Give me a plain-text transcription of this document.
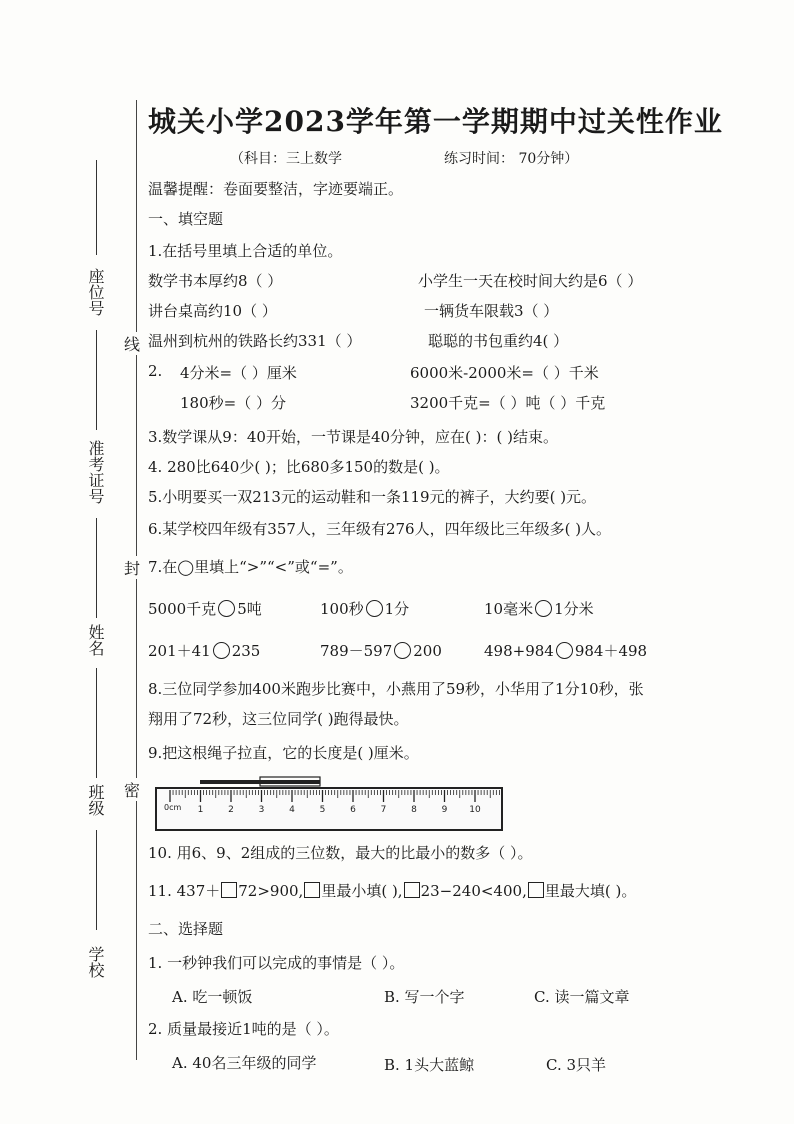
座位号
准考证号
姓名
班级
学校
线
封
密
城关小学2023学年第一学期期中过关性作业
（科目：三上数学	练习时间： 70分钟）
温馨提醒：卷面要整洁，字迹要端正。
一、填空题
1.在括号里填上合适的单位。
数学书本厚约8（ ）	小学生一天在校时间大约是6（ ）
讲台桌高约10（ ）	一辆货车限载3（ ）
温州到杭州的铁路长约331（ ）	聪聪的书包重约4( ）
2. 4分米=（ ）厘米	6000米-2000米=（ ）千米
180秒=（ ）分	3200千克=（ ）吨（ ）千克
3.数学课从9：40开始，一节课是40分钟，应在( )：( )结束。
4. 280比640少( )；比680多150的数是( )。
5.小明要买一双213元的运动鞋和一条119元的裤子，大约要( )元。
6.某学校四年级有357人，三年级有276人，四年级比三年级多( )人。
7.在◯里填上“>”“<”或“=”。
5000千克 5吨	100秒 1分	10毫米 1分米
201＋41 235	789－597 200	498+984 984＋498
8.三位同学参加400米跑步比赛中，小燕用了59秒，小华用了1分10秒，张
翔用了72秒，这三位同学( )跑得最快。
9.把这根绳子拉直，它的长度是( )厘米。
0cm 1	2	3	4	5	6	7	8	9 10
10. 用6、9、2组成的三位数，最大的比最小的数多（ ）。
11. 437＋ 72>900, 里最小填( ), 23−240<400, 里最大填( )。
二、选择题
1. 一秒钟我们可以完成的事情是（ ）。
A. 吃一顿饭	B. 写一个字	C. 读一篇文章
2. 质量最接近1吨的是（ ）。
A. 40名三年级的同学	B. 1头大蓝鲸	C. 3只羊
